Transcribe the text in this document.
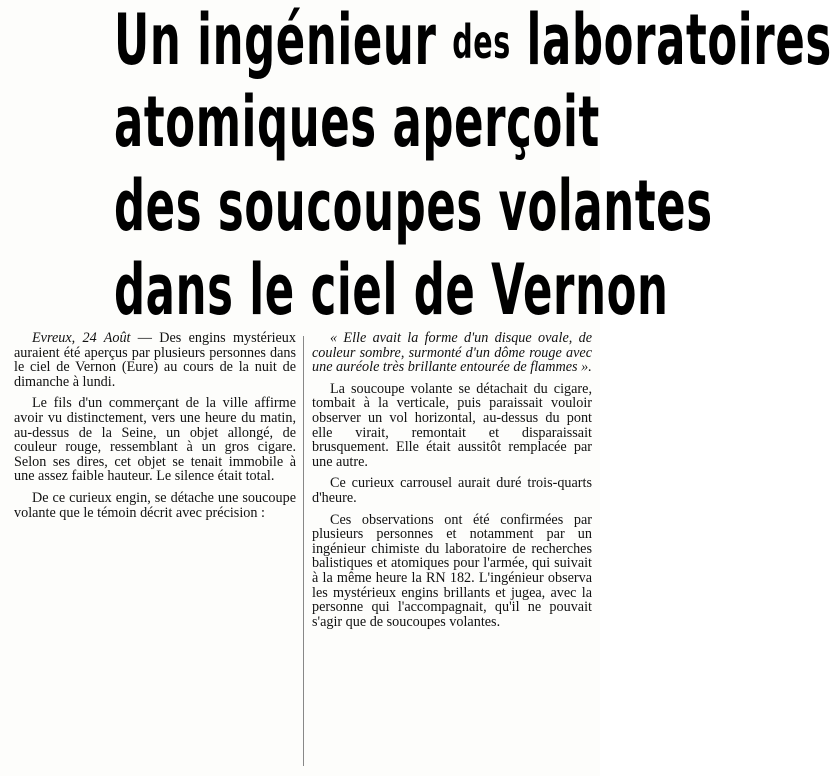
Un ingénieur des laboratoires
atomiques aperçoit
des soucoupes volantes
dans le ciel de Vernon

Evreux, 24 Août — Des engins mystérieux auraient été aperçus par plusieurs personnes dans le ciel de Vernon (Eure) au cours de la nuit de dimanche à lundi.

Le fils d'un commerçant de la ville affirme avoir vu distinctement, vers une heure du matin, au-dessus de la Seine, un objet allongé, de couleur rouge, ressemblant à un gros cigare. Selon ses dires, cet objet se tenait immobile à une assez faible hauteur. Le silence était total.

De ce curieux engin, se détache une soucoupe volante que le témoin décrit avec précision :

« Elle avait la forme d'un disque ovale, de couleur sombre, surmonté d'un dôme rouge avec une auréole très brillante entourée de flammes ».

La soucoupe volante se détachait du cigare, tombait à la verticale, puis paraissait vouloir observer un vol horizontal, au-dessus du pont elle virait, remontait et disparaissait brusquement. Elle était aussitôt remplacée par une autre.

Ce curieux carrousel aurait duré trois-quarts d'heure.

Ces observations ont été confirmées par plusieurs personnes et notamment par un ingénieur chimiste du laboratoire de recherches balistiques et atomiques pour l'armée, qui suivait à la même heure la RN 182. L'ingénieur observa les mystérieux engins brillants et jugea, avec la personne qui l'accompagnait, qu'il ne pouvait s'agir que de soucoupes volantes.
